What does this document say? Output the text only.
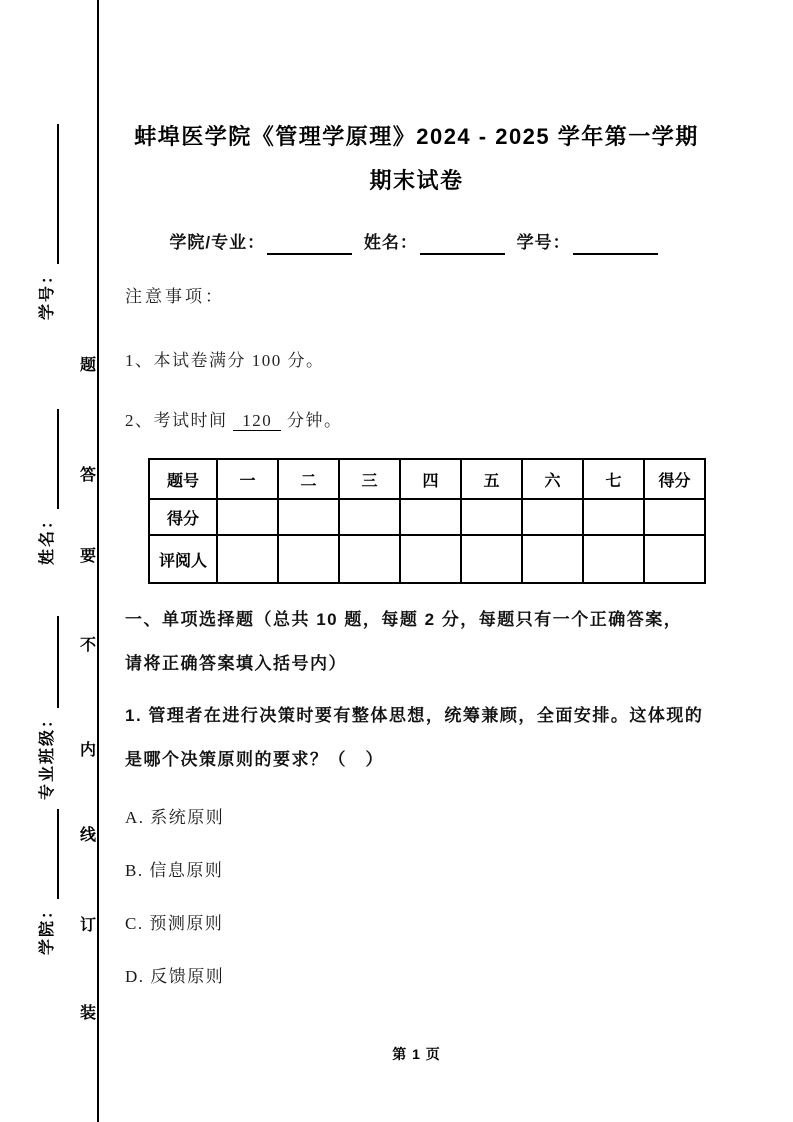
学号：
姓名：
专业班级：
学院：
题
答
要
不
内
线
订
装
蚌埠医学院《管理学原理》2024 - 2025 学年第一学期
期末试卷
学院/专业：	姓名：	学号：
注意事项：
1、本试卷满分 100 分。
2、考试时间 120 分钟。
题号	一	二	三	四	五	六	七	得分
得分								
评阅人								
一、单项选择题（总共 10 题，每题 2 分，每题只有一个正确答案，
请将正确答案填入括号内）
1. 管理者在进行决策时要有整体思想，统筹兼顾，全面安排。这体现的
是哪个决策原则的要求？（　）
A. 系统原则
B. 信息原则
C. 预测原则
D. 反馈原则
第 1 页
